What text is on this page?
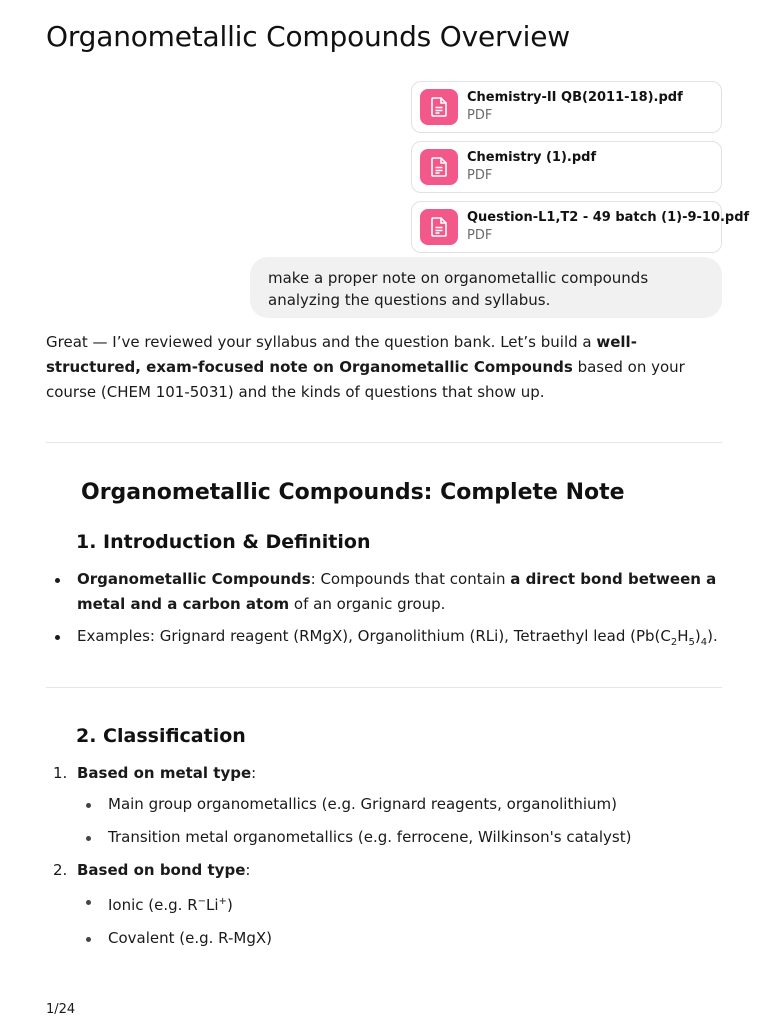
Organometallic Compounds Overview
Chemistry-II QB(2011-18).pdf
PDF
Chemistry (1).pdf
PDF
Question-L1,T2 - 49 batch (1)-9-10.pdf
PDF
make a proper note on organometallic compounds analyzing the questions and syllabus.

Great — I’ve reviewed your syllabus and the question bank. Let’s build a well-structured, exam-focused note on Organometallic Compounds based on your course (CHEM 101-5031) and the kinds of questions that show up.

Organometallic Compounds: Complete Note
1. Introduction & Definition
Organometallic Compounds: Compounds that contain a direct bond between a metal and a carbon atom of an organic group.
Examples: Grignard reagent (RMgX), Organolithium (RLi), Tetraethyl lead $(Pb(C_2H_5)_4)$.
2. Classification
1. Based on metal type:
Main group organometallics (e.g. Grignard reagents, organolithium)
Transition metal organometallics (e.g. ferrocene, Wilkinson's catalyst)
2. Based on bond type:
Ionic (e.g. R−Li+)
Covalent (e.g. R-MgX)
1/24
